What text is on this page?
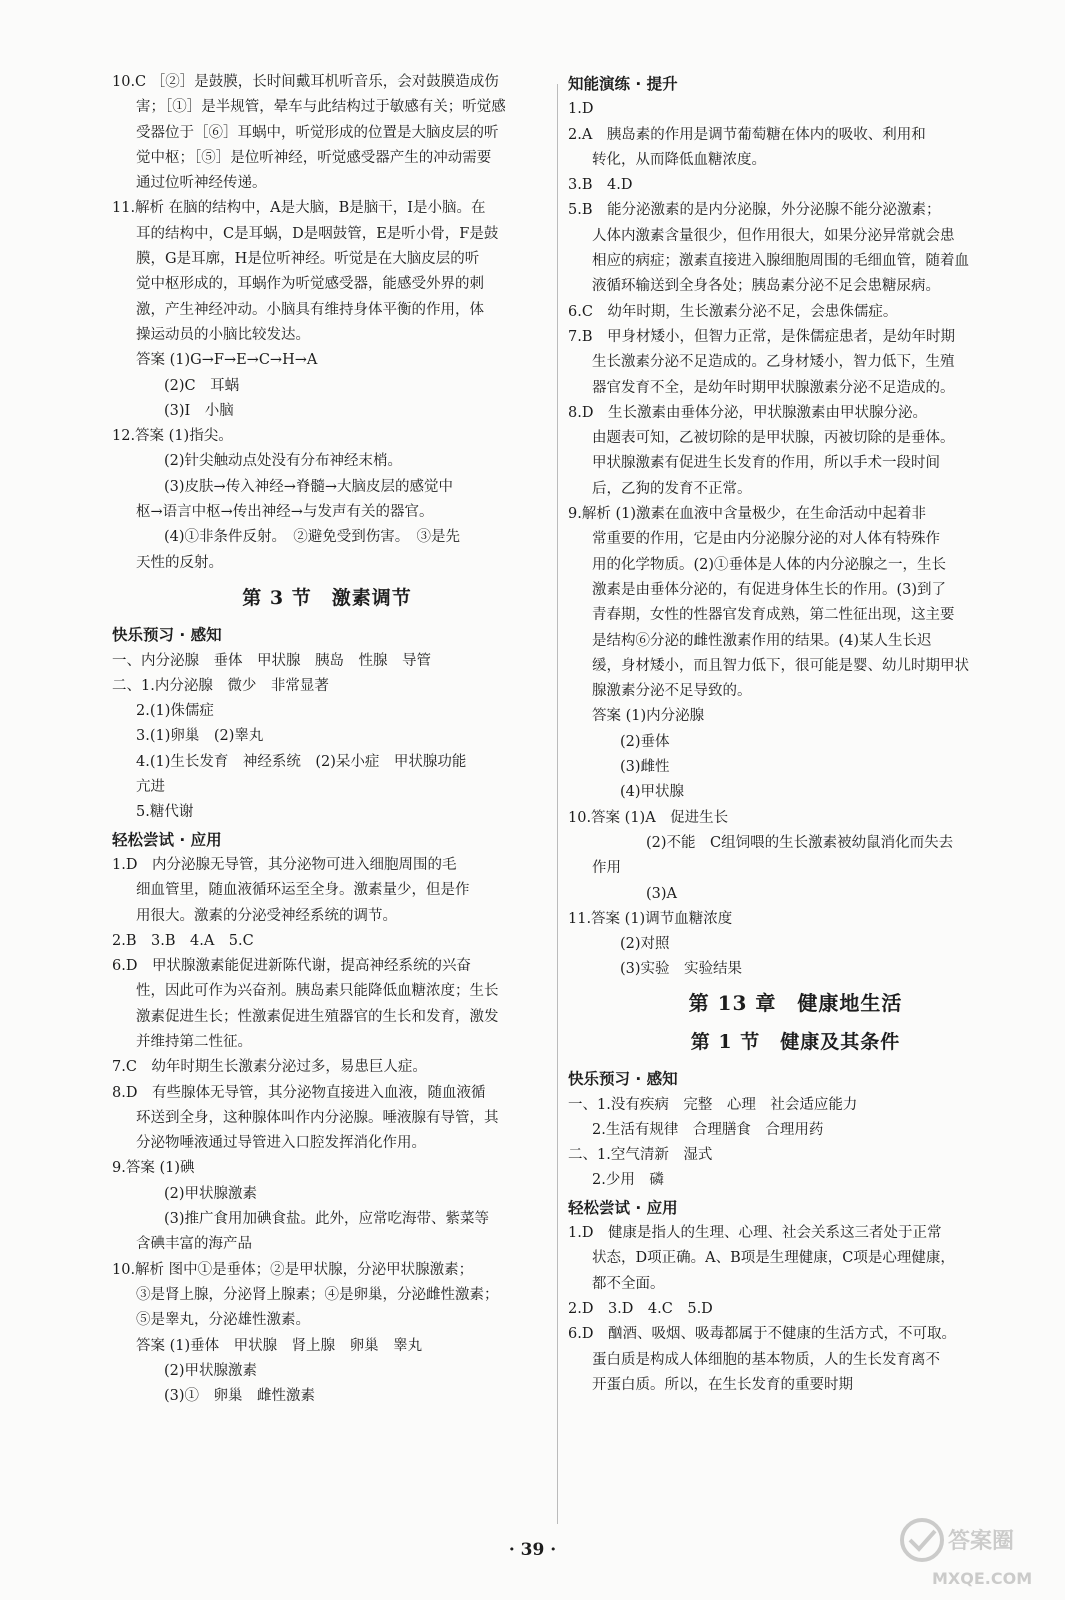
10.C ［②］是鼓膜，长时间戴耳机听音乐，会对鼓膜造成伤

害；［①］是半规管，晕车与此结构过于敏感有关；听觉感

受器位于［⑥］耳蜗中，听觉形成的位置是大脑皮层的听

觉中枢；［⑤］是位听神经，听觉感受器产生的冲动需要

通过位听神经传递。

11.解析 在脑的结构中，A是大脑，B是脑干，I是小脑。在

耳的结构中，C是耳蜗，D是咽鼓管，E是听小骨，F是鼓

膜，G是耳廓，H是位听神经。听觉是在大脑皮层的听

觉中枢形成的，耳蜗作为听觉感受器，能感受外界的刺

激，产生神经冲动。小脑具有维持身体平衡的作用，体

操运动员的小脑比较发达。

答案 (1)G→F→E→C→H→A

(2)C　耳蜗

(3)I　小脑

12.答案 (1)指尖。

(2)针尖触动点处没有分布神经末梢。

(3)皮肤→传入神经→脊髓→大脑皮层的感觉中

枢→语言中枢→传出神经→与发声有关的器官。

(4)①非条件反射。　②避免受到伤害。　③是先

天性的反射。

第 3 节　激素调节
快乐预习 · 感知

一、内分泌腺　垂体　甲状腺　胰岛　性腺　导管

二、1.内分泌腺　微少　非常显著

2.(1)侏儒症

3.(1)卵巢　(2)睾丸

4.(1)生长发育　神经系统　(2)呆小症　甲状腺功能

亢进

5.糖代谢

轻松尝试 · 应用

1.D　内分泌腺无导管，其分泌物可进入细胞周围的毛

细血管里，随血液循环运至全身。激素量少，但是作

用很大。激素的分泌受神经系统的调节。

2.B　3.B　4.A　5.C

6.D　甲状腺激素能促进新陈代谢，提高神经系统的兴奋

性，因此可作为兴奋剂。胰岛素只能降低血糖浓度；生长

激素促进生长；性激素促进生殖器官的生长和发育，激发

并维持第二性征。

7.C　幼年时期生长激素分泌过多，易患巨人症。

8.D　有些腺体无导管，其分泌物直接进入血液，随血液循

环送到全身，这种腺体叫作内分泌腺。唾液腺有导管，其

分泌物唾液通过导管进入口腔发挥消化作用。

9.答案 (1)碘

(2)甲状腺激素

(3)推广食用加碘食盐。此外，应常吃海带、紫菜等

含碘丰富的海产品

10.解析 图中①是垂体；②是甲状腺，分泌甲状腺激素；

③是肾上腺，分泌肾上腺素；④是卵巢，分泌雌性激素；

⑤是睾丸，分泌雄性激素。

答案 (1)垂体　甲状腺　肾上腺　卵巢　睾丸

(2)甲状腺激素

(3)①　卵巢　雌性激素

知能演练 · 提升

1.D

2.A　胰岛素的作用是调节葡萄糖在体内的吸收、利用和

转化，从而降低血糖浓度。

3.B　4.D

5.B　能分泌激素的是内分泌腺，外分泌腺不能分泌激素；

人体内激素含量很少，但作用很大，如果分泌异常就会患

相应的病症；激素直接进入腺细胞周围的毛细血管，随着血

液循环输送到全身各处；胰岛素分泌不足会患糖尿病。

6.C　幼年时期，生长激素分泌不足，会患侏儒症。

7.B　甲身材矮小，但智力正常，是侏儒症患者，是幼年时期

生长激素分泌不足造成的。乙身材矮小，智力低下，生殖

器官发育不全，是幼年时期甲状腺激素分泌不足造成的。

8.D　生长激素由垂体分泌，甲状腺激素由甲状腺分泌。

由题表可知，乙被切除的是甲状腺，丙被切除的是垂体。

甲状腺激素有促进生长发育的作用，所以手术一段时间

后，乙狗的发育不正常。

9.解析 (1)激素在血液中含量极少，在生命活动中起着非

常重要的作用，它是由内分泌腺分泌的对人体有特殊作

用的化学物质。(2)①垂体是人体的内分泌腺之一，生长

激素是由垂体分泌的，有促进身体生长的作用。(3)到了

青春期，女性的性器官发育成熟，第二性征出现，这主要

是结构⑥分泌的雌性激素作用的结果。(4)某人生长迟

缓，身材矮小，而且智力低下，很可能是婴、幼儿时期甲状

腺激素分泌不足导致的。

答案 (1)内分泌腺

(2)垂体

(3)雌性

(4)甲状腺

10.答案 (1)A　促进生长

(2)不能　C组饲喂的生长激素被幼鼠消化而失去

作用

(3)A

11.答案 (1)调节血糖浓度

(2)对照

(3)实验　实验结果

第 13 章　健康地生活
第 1 节　健康及其条件
快乐预习 · 感知

一、1.没有疾病　完整　心理　社会适应能力

2.生活有规律　合理膳食　合理用药

二、1.空气清新　湿式

2.少用　磷

轻松尝试 · 应用

1.D　健康是指人的生理、心理、社会关系这三者处于正常

状态，D项正确。A、B项是生理健康，C项是心理健康，

都不全面。

2.D　3.D　4.C　5.D

6.D　酗酒、吸烟、吸毒都属于不健康的生活方式，不可取。

蛋白质是构成人体细胞的基本物质，人的生长发育离不

开蛋白质。所以，在生长发育的重要时期

· 39 ·	答案圈
MXQE.COM
